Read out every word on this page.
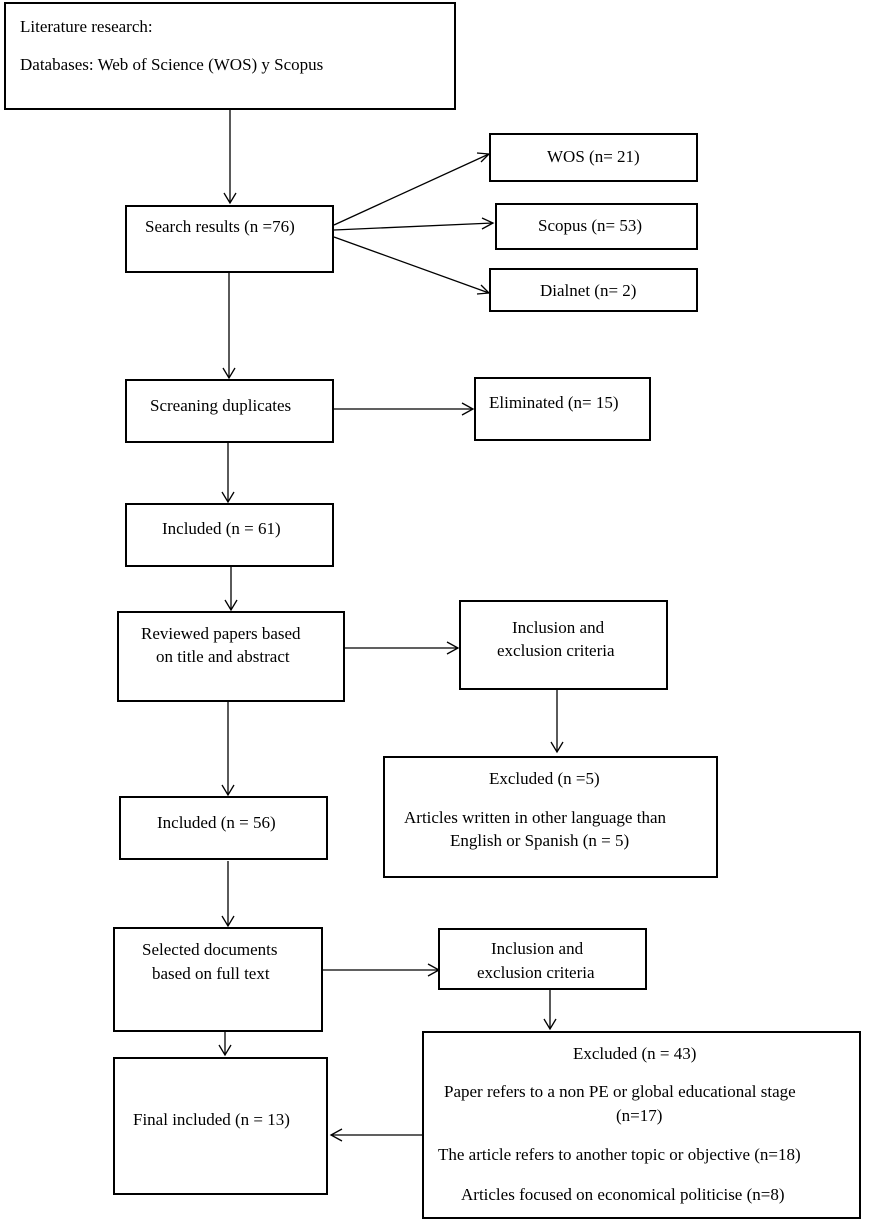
Literature research:
Databases: Web of Science (WOS) y Scopus
Search results (n =76)
WOS (n= 21)
Scopus (n= 53)
Dialnet (n= 2)
Screaning duplicates	Eliminated (n= 15)
Included (n = 61)
Reviewed papers based
on title and abstract
Inclusion and
exclusion criteria
Excluded (n =5)
Articles written in other language than
English or Spanish (n = 5)
Included (n = 56)
Selected documents
based on full text
Inclusion and
exclusion criteria
Excluded (n = 43)
Paper refers to a non PE or global educational stage
(n=17)
The article refers to another topic or objective (n=18)
Articles focused on economical politicise (n=8)
Final included (n = 13)
